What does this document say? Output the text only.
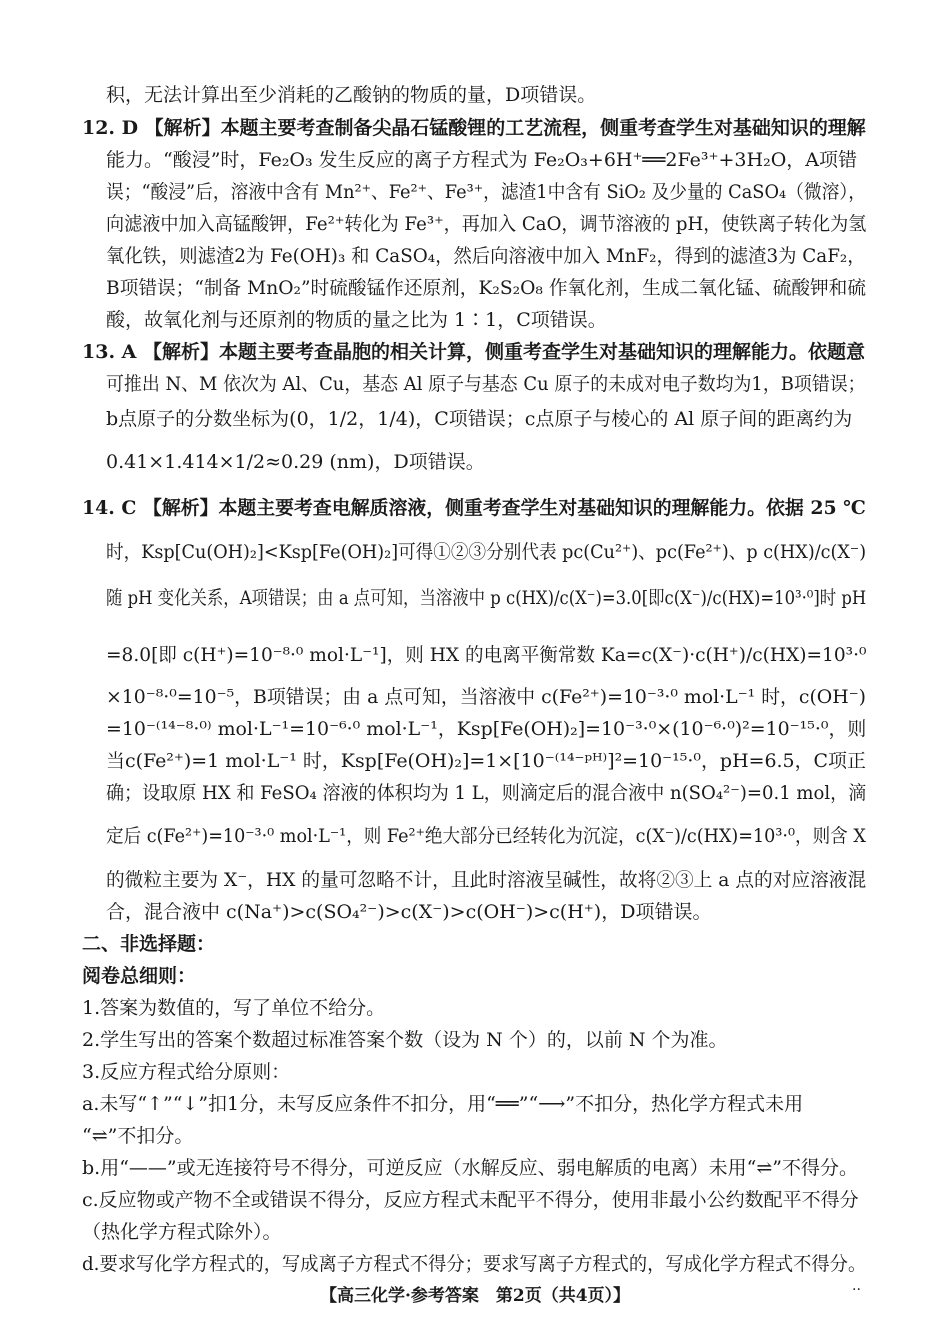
积，无法计算出至少消耗的乙酸钠的物质的量，D项错误。
12. D 【解析】本题主要考查制备尖晶石锰酸锂的工艺流程，侧重考查学生对基础知识的理解
能力。“酸浸”时，Fe₂O₃ 发生反应的离子方程式为 Fe₂O₃+6H⁺══2Fe³⁺+3H₂O，A项错
误；“酸浸”后，溶液中含有 Mn²⁺、Fe²⁺、Fe³⁺，滤渣1中含有 SiO₂ 及少量的 CaSO₄（微溶），
向滤液中加入高锰酸钾，Fe²⁺转化为 Fe³⁺，再加入 CaO，调节溶液的 pH，使铁离子转化为氢
氧化铁，则滤渣2为 Fe(OH)₃ 和 CaSO₄，然后向溶液中加入 MnF₂，得到的滤渣3为 CaF₂，
B项错误；“制备 MnO₂”时硫酸锰作还原剂，K₂S₂O₈ 作氧化剂，生成二氧化锰、硫酸钾和硫
酸，故氧化剂与还原剂的物质的量之比为 1∶1，C项错误。
13. A 【解析】本题主要考查晶胞的相关计算，侧重考查学生对基础知识的理解能力。依题意
可推出 N、M 依次为 Al、Cu，基态 Al 原子与基态 Cu 原子的未成对电子数均为1，B项错误；
b点原子的分数坐标为(0，1/2，1/4)，C项错误；c点原子与棱心的 Al 原子间的距离约为
0.41×1.414×1/2≈0.29 (nm)，D项错误。
14. C 【解析】本题主要考查电解质溶液，侧重考查学生对基础知识的理解能力。依据 25 ℃
时，Ksp[Cu(OH)₂]<Ksp[Fe(OH)₂]可得①②③分别代表 pc(Cu²⁺)、pc(Fe²⁺)、p c(HX)/c(X⁻)
随 pH 变化关系，A项错误；由 a 点可知，当溶液中 p c(HX)/c(X⁻)=3.0[即c(X⁻)/c(HX)=10³·⁰]时 pH
=8.0[即 c(H⁺)=10⁻⁸·⁰ mol·L⁻¹]，则 HX 的电离平衡常数 Ka=c(X⁻)·c(H⁺)/c(HX)=10³·⁰
×10⁻⁸·⁰=10⁻⁵，B项错误；由 a 点可知，当溶液中 c(Fe²⁺)=10⁻³·⁰ mol·L⁻¹ 时，c(OH⁻)
=10⁻⁽¹⁴⁻⁸·⁰⁾ mol·L⁻¹=10⁻⁶·⁰ mol·L⁻¹，Ksp[Fe(OH)₂]=10⁻³·⁰×(10⁻⁶·⁰)²=10⁻¹⁵·⁰，则
当c(Fe²⁺)=1 mol·L⁻¹ 时，Ksp[Fe(OH)₂]=1×[10⁻⁽¹⁴⁻ᵖᴴ⁾]²=10⁻¹⁵·⁰，pH=6.5，C项正
确；设取原 HX 和 FeSO₄ 溶液的体积均为 1 L，则滴定后的混合液中 n(SO₄²⁻)=0.1 mol，滴
定后 c(Fe²⁺)=10⁻³·⁰ mol·L⁻¹，则 Fe²⁺绝大部分已经转化为沉淀，c(X⁻)/c(HX)=10³·⁰，则含 X
的微粒主要为 X⁻，HX 的量可忽略不计，且此时溶液呈碱性，故将②③上 a 点的对应溶液混
合，混合液中 c(Na⁺)>c(SO₄²⁻)>c(X⁻)>c(OH⁻)>c(H⁺)，D项错误。
二、非选择题：
阅卷总细则：
1.答案为数值的，写了单位不给分。
2.学生写出的答案个数超过标准答案个数（设为 N 个）的，以前 N 个为准。
3.反应方程式给分原则：
a.未写“↑”“↓”扣1分，未写反应条件不扣分，用“══”“⟶”不扣分，热化学方程式未用
“⇌”不扣分。
b.用“——”或无连接符号不得分，可逆反应（水解反应、弱电解质的电离）未用“⇌”不得分。
c.反应物或产物不全或错误不得分，反应方程式未配平不得分，使用非最小公约数配平不得分
（热化学方程式除外）。
d.要求写化学方程式的，写成离子方程式不得分；要求写离子方程式的，写成化学方程式不得分。
【高三化学·参考答案　第2页（共4页）】	..
